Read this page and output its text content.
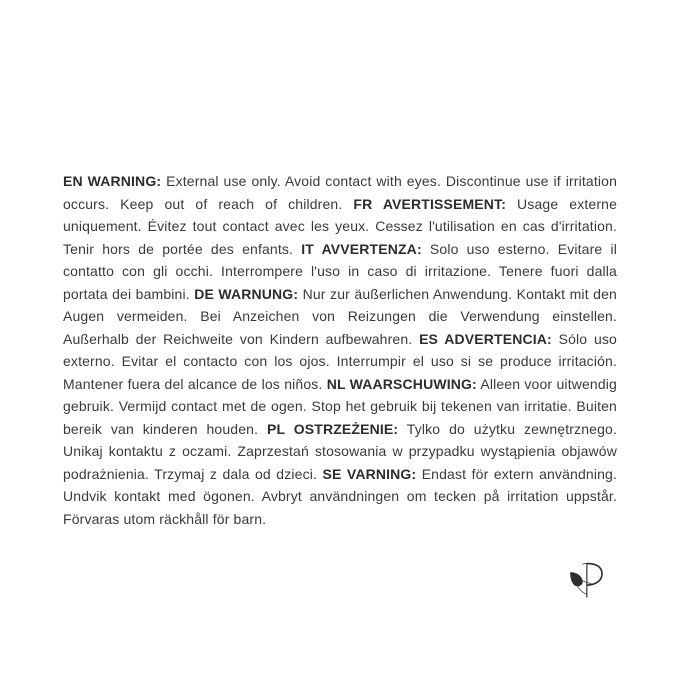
EN WARNING: External use only. Avoid contact with eyes. Discontinue use if irritation occurs. Keep out of reach of children. FR AVERTISSEMENT: Usage externe uniquement. Évitez tout contact avec les yeux. Cessez l'utilisation en cas d'irritation. Tenir hors de portée des enfants. IT AVVERTENZA: Solo uso esterno. Evitare il contatto con gli occhi. Interrompere l'uso in caso di irritazione. Tenere fuori dalla portata dei bambini. DE WARNUNG: Nur zur äußerlichen Anwendung. Kontakt mit den Augen vermeiden. Bei Anzeichen von Reizungen die Verwendung einstellen. Außerhalb der Reichweite von Kindern aufbewahren. ES ADVERTENCIA: Sólo uso externo. Evitar el contacto con los ojos. Interrumpir el uso si se produce irritación. Mantener fuera del alcance de los niños. NL WAARSCHUWING: Alleen voor uitwendig gebruik. Vermijd contact met de ogen. Stop het gebruik bij tekenen van irritatie. Buiten bereik van kinderen houden. PL OSTRZEŻENIE: Tylko do użytku zewnętrznego. Unikaj kontaktu z oczami. Zaprzestań stosowania w przypadku wystąpienia objawów podrażnienia. Trzymaj z dala od dzieci. SE VARNING: Endast för extern användning. Undvik kontakt med ögonen. Avbryt användningen om tecken på irritation uppstår. Förvaras utom räckhåll för barn.
